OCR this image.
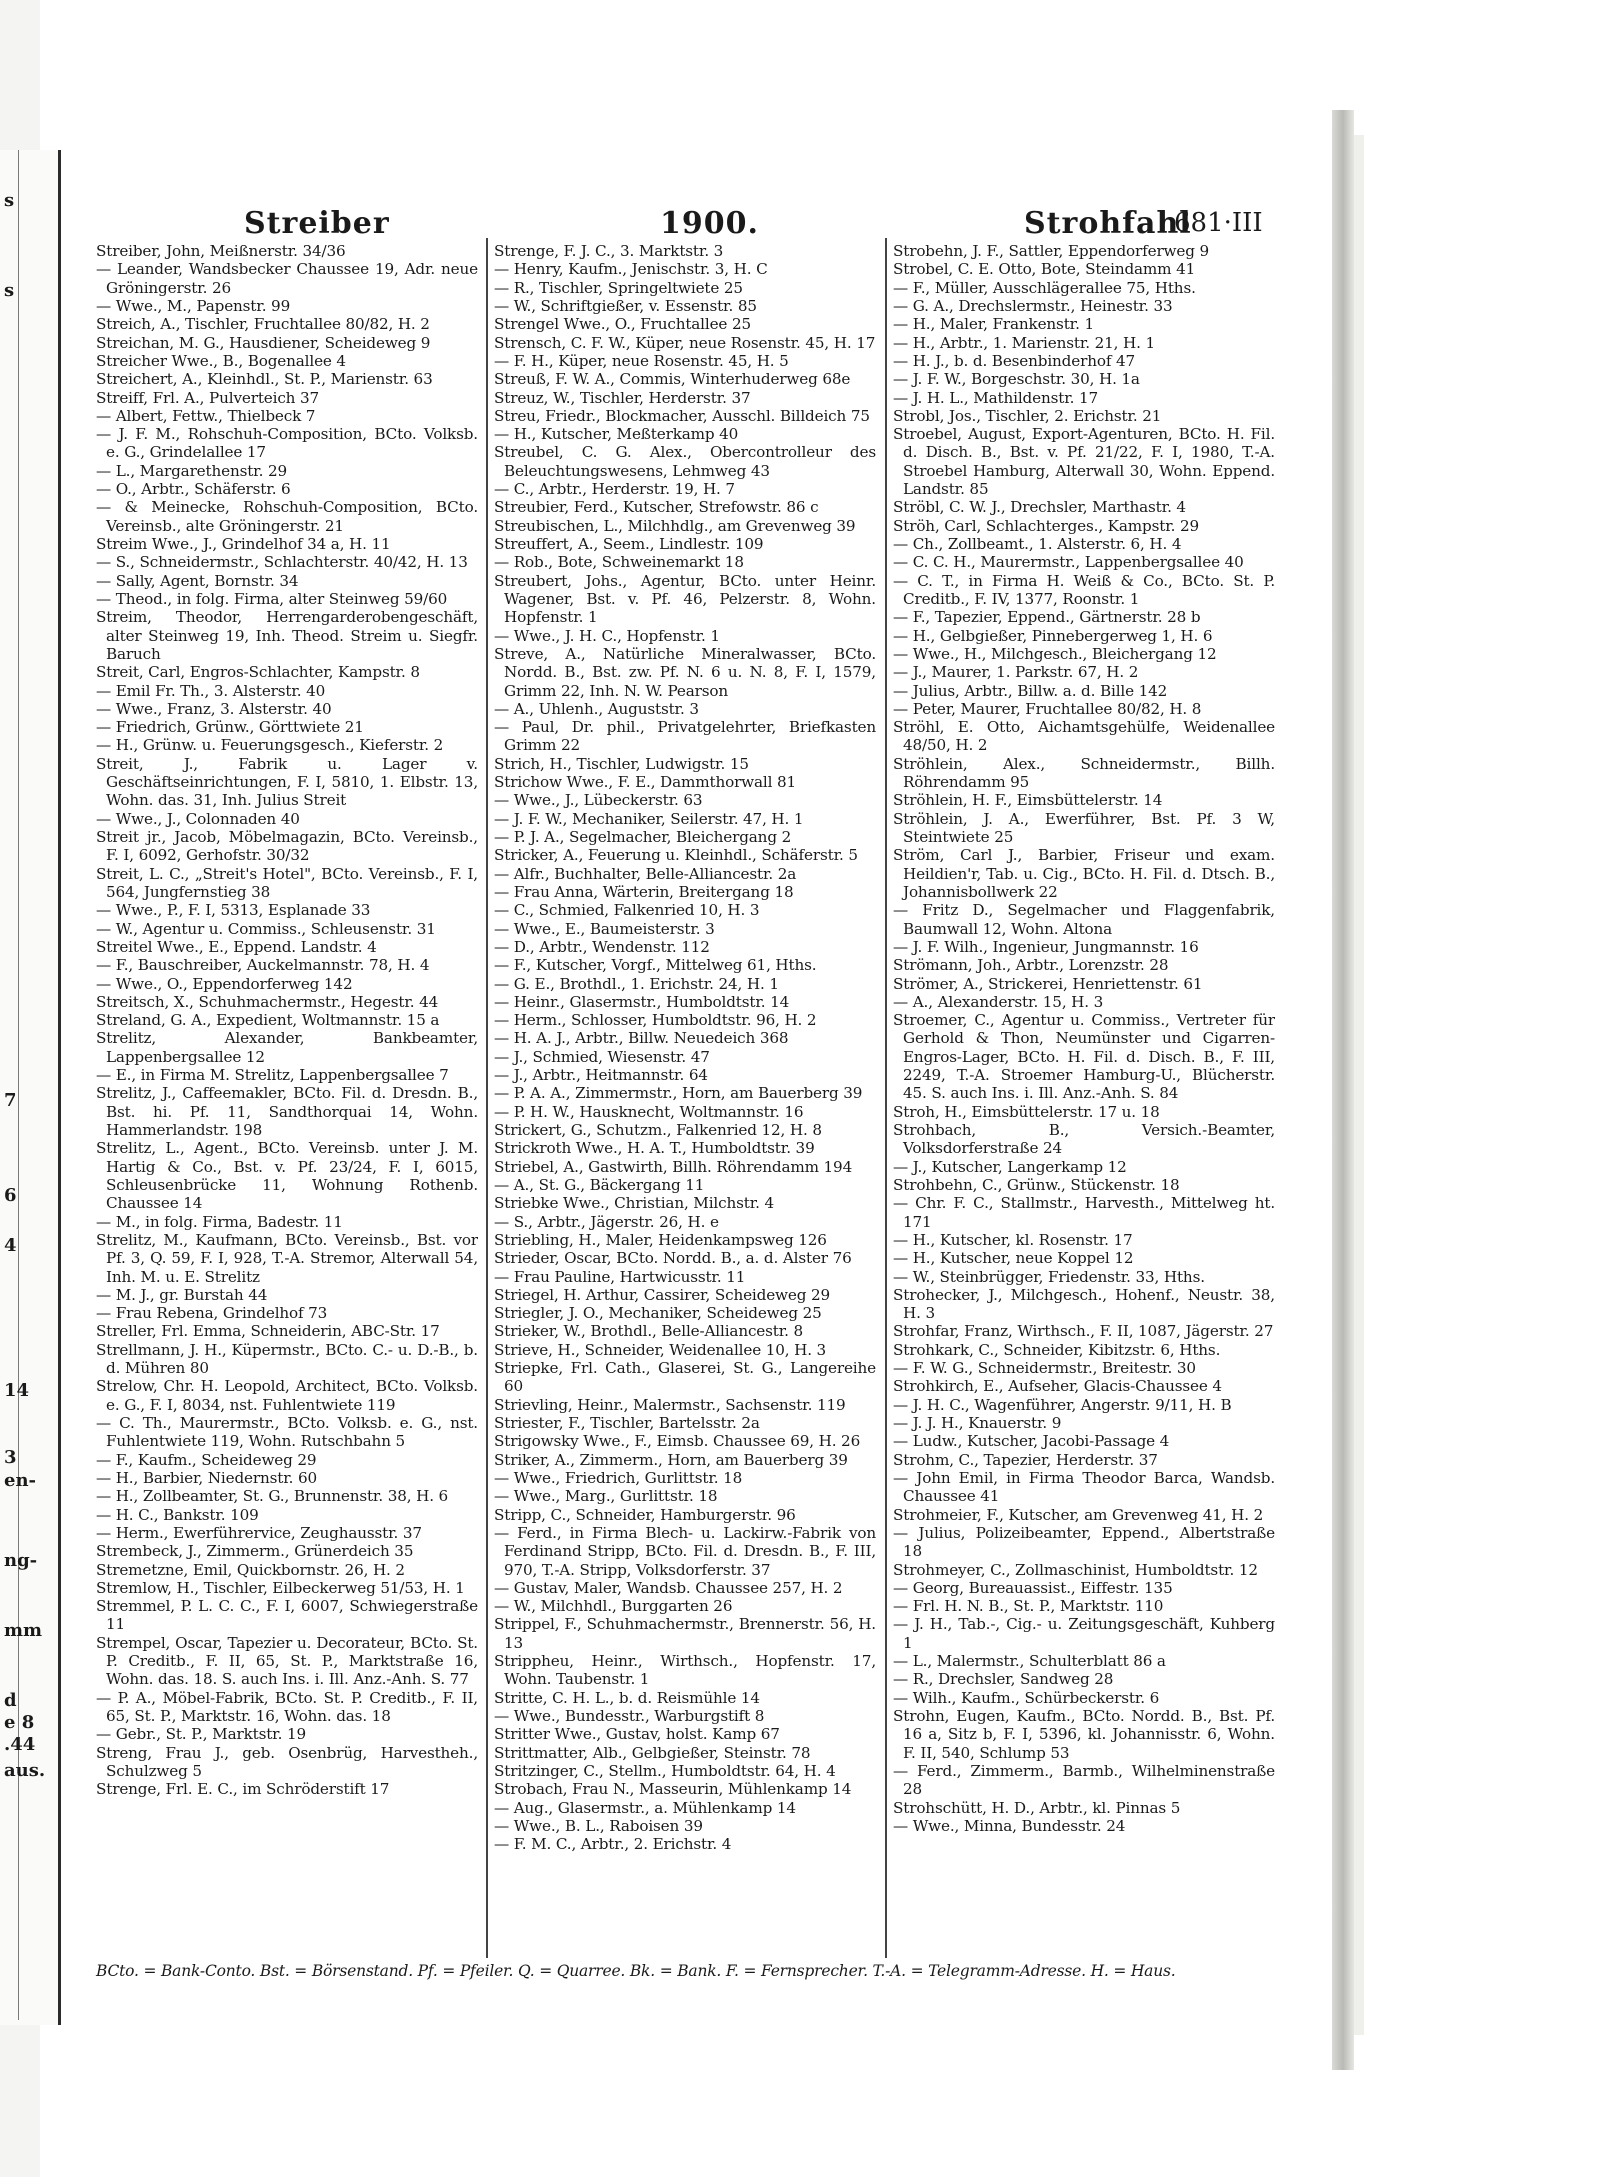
s
s
7
6
4
14
3
en-
ng-
mm
d
e 8
.44
aus.
Streiber	1900.	Strohfahl
681·III

Streiber, John, Meißnerstr. 34/36

— Leander, Wandsbecker Chaussee 19, Adr. neue Gröningerstr. 26

— Wwe., M., Papenstr. 99

Streich, A., Tischler, Fruchtallee 80/82, H. 2

Streichan, M. G., Hausdiener, Scheideweg 9

Streicher Wwe., B., Bogenallee 4

Streichert, A., Kleinhdl., St. P., Marienstr. 63

Streiff, Frl. A., Pulverteich 37

— Albert, Fettw., Thielbeck 7

— J. F. M., Rohschuh-Composition, BCto. Volksb. e. G., Grindelallee 17

— L., Margarethenstr. 29

— O., Arbtr., Schäferstr. 6

— & Meinecke, Rohschuh-Composition, BCto. Vereinsb., alte Gröningerstr. 21

Streim Wwe., J., Grindelhof 34 a, H. 11

— S., Schneidermstr., Schlachterstr. 40/42, H. 13

— Sally, Agent, Bornstr. 34

— Theod., in folg. Firma, alter Steinweg 59/60

Streim, Theodor, Herrengarderobengeschäft, alter Steinweg 19, Inh. Theod. Streim u. Siegfr. Baruch

Streit, Carl, Engros-Schlachter, Kampstr. 8

— Emil Fr. Th., 3. Alsterstr. 40

— Wwe., Franz, 3. Alsterstr. 40

— Friedrich, Grünw., Görttwiete 21

— H., Grünw. u. Feuerungsgesch., Kieferstr. 2

Streit, J., Fabrik u. Lager v. Geschäftseinrichtungen, F. I, 5810, 1. Elbstr. 13, Wohn. das. 31, Inh. Julius Streit

— Wwe., J., Colonnaden 40

Streit jr., Jacob, Möbelmagazin, BCto. Vereinsb., F. I, 6092, Gerhofstr. 30/32

Streit, L. C., „Streit's Hotel", BCto. Vereinsb., F. I, 564, Jungfernstieg 38

— Wwe., P., F. I, 5313, Esplanade 33

— W., Agentur u. Commiss., Schleusenstr. 31

Streitel Wwe., E., Eppend. Landstr. 4

— F., Bauschreiber, Auckelmannstr. 78, H. 4

— Wwe., O., Eppendorferweg 142

Streitsch, X., Schuhmachermstr., Hegestr. 44

Streland, G. A., Expedient, Woltmannstr. 15 a

Strelitz, Alexander, Bankbeamter, Lappenbergsallee 12

— E., in Firma M. Strelitz, Lappenbergsallee 7

Strelitz, J., Caffeemakler, BCto. Fil. d. Dresdn. B., Bst. hi. Pf. 11, Sandthorquai 14, Wohn. Hammerlandstr. 198

Strelitz, L., Agent., BCto. Vereinsb. unter J. M. Hartig & Co., Bst. v. Pf. 23/24, F. I, 6015, Schleusenbrücke 11, Wohnung Rothenb. Chaussee 14

— M., in folg. Firma, Badestr. 11

Strelitz, M., Kaufmann, BCto. Vereinsb., Bst. vor Pf. 3, Q. 59, F. I, 928, T.-A. Stremor, Alterwall 54, Inh. M. u. E. Strelitz

— M. J., gr. Burstah 44

— Frau Rebena, Grindelhof 73

Streller, Frl. Emma, Schneiderin, ABC-Str. 17

Strellmann, J. H., Küpermstr., BCto. C.- u. D.-B., b. d. Mühren 80

Strelow, Chr. H. Leopold, Architect, BCto. Volksb. e. G., F. I, 8034, nst. Fuhlentwiete 119

— C. Th., Maurermstr., BCto. Volksb. e. G., nst. Fuhlentwiete 119, Wohn. Rutschbahn 5

— F., Kaufm., Scheideweg 29

— H., Barbier, Niedernstr. 60

— H., Zollbeamter, St. G., Brunnenstr. 38, H. 6

— H. C., Bankstr. 109

— Herm., Ewerführervice, Zeughausstr. 37

Strembeck, J., Zimmerm., Grünerdeich 35

Stremetzne, Emil, Quickbornstr. 26, H. 2

Stremlow, H., Tischler, Eilbeckerweg 51/53, H. 1

Stremmel, P. L. C. C., F. I, 6007, Schwiegerstraße 11

Strempel, Oscar, Tapezier u. Decorateur, BCto. St. P. Creditb., F. II, 65, St. P., Marktstraße 16, Wohn. das. 18. S. auch Ins. i. Ill. Anz.-Anh. S. 77

— P. A., Möbel-Fabrik, BCto. St. P. Creditb., F. II, 65, St. P., Marktstr. 16, Wohn. das. 18

— Gebr., St. P., Marktstr. 19

Streng, Frau J., geb. Osenbrüg, Harvestheh., Schulzweg 5

Strenge, Frl. E. C., im Schröderstift 17

Strenge, F. J. C., 3. Marktstr. 3

— Henry, Kaufm., Jenischstr. 3, H. C

— R., Tischler, Springeltwiete 25

— W., Schriftgießer, v. Essenstr. 85

Strengel Wwe., O., Fruchtallee 25

Strensch, C. F. W., Küper, neue Rosenstr. 45, H. 17

— F. H., Küper, neue Rosenstr. 45, H. 5

Streuß, F. W. A., Commis, Winterhuderweg 68e

Streuz, W., Tischler, Herderstr. 37

Streu, Friedr., Blockmacher, Ausschl. Billdeich 75

— H., Kutscher, Meßterkamp 40

Streubel, C. G. Alex., Obercontrolleur des Beleuchtungswesens, Lehmweg 43

— C., Arbtr., Herderstr. 19, H. 7

Streubier, Ferd., Kutscher, Strefowstr. 86 c

Streubischen, L., Milchhdlg., am Grevenweg 39

Streuffert, A., Seem., Lindlestr. 109

— Rob., Bote, Schweinemarkt 18

Streubert, Johs., Agentur, BCto. unter Heinr. Wagener, Bst. v. Pf. 46, Pelzerstr. 8, Wohn. Hopfenstr. 1

— Wwe., J. H. C., Hopfenstr. 1

Streve, A., Natürliche Mineralwasser, BCto. Nordd. B., Bst. zw. Pf. N. 6 u. N. 8, F. I, 1579, Grimm 22, Inh. N. W. Pearson

— A., Uhlenh., Auguststr. 3

— Paul, Dr. phil., Privatgelehrter, Briefkasten Grimm 22

Strich, H., Tischler, Ludwigstr. 15

Strichow Wwe., F. E., Dammthorwall 81

— Wwe., J., Lübeckerstr. 63

— J. F. W., Mechaniker, Seilerstr. 47, H. 1

— P. J. A., Segelmacher, Bleichergang 2

Stricker, A., Feuerung u. Kleinhdl., Schäferstr. 5

— Alfr., Buchhalter, Belle-Alliancestr. 2a

— Frau Anna, Wärterin, Breitergang 18

— C., Schmied, Falkenried 10, H. 3

— Wwe., E., Baumeisterstr. 3

— D., Arbtr., Wendenstr. 112

— F., Kutscher, Vorgf., Mittelweg 61, Hths.

— G. E., Brothdl., 1. Erichstr. 24, H. 1

— Heinr., Glasermstr., Humboldtstr. 14

— Herm., Schlosser, Humboldtstr. 96, H. 2

— H. A. J., Arbtr., Billw. Neuedeich 368

— J., Schmied, Wiesenstr. 47

— J., Arbtr., Heitmannstr. 64

— P. A. A., Zimmermstr., Horn, am Bauerberg 39

— P. H. W., Hausknecht, Woltmannstr. 16

Strickert, G., Schutzm., Falkenried 12, H. 8

Strickroth Wwe., H. A. T., Humboldtstr. 39

Striebel, A., Gastwirth, Billh. Röhrendamm 194

— A., St. G., Bäckergang 11

Striebke Wwe., Christian, Milchstr. 4

— S., Arbtr., Jägerstr. 26, H. e

Striebling, H., Maler, Heidenkampsweg 126

Strieder, Oscar, BCto. Nordd. B., a. d. Alster 76

— Frau Pauline, Hartwicusstr. 11

Striegel, H. Arthur, Cassirer, Scheideweg 29

Striegler, J. O., Mechaniker, Scheideweg 25

Strieker, W., Brothdl., Belle-Alliancestr. 8

Strieve, H., Schneider, Weidenallee 10, H. 3

Striepke, Frl. Cath., Glaserei, St. G., Langereihe 60

Strievling, Heinr., Malermstr., Sachsenstr. 119

Striester, F., Tischler, Bartelsstr. 2a

Strigowsky Wwe., F., Eimsb. Chaussee 69, H. 26

Striker, A., Zimmerm., Horn, am Bauerberg 39

— Wwe., Friedrich, Gurlittstr. 18

— Wwe., Marg., Gurlittstr. 18

Stripp, C., Schneider, Hamburgerstr. 96

— Ferd., in Firma Blech- u. Lackirw.-Fabrik von Ferdinand Stripp, BCto. Fil. d. Dresdn. B., F. III, 970, T.-A. Stripp, Volksdorferstr. 37

— Gustav, Maler, Wandsb. Chaussee 257, H. 2

— W., Milchhdl., Burggarten 26

Strippel, F., Schuhmachermstr., Brennerstr. 56, H. 13

Strippheu, Heinr., Wirthsch., Hopfenstr. 17, Wohn. Taubenstr. 1

Stritte, C. H. L., b. d. Reismühle 14

— Wwe., Bundesstr., Warburgstift 8

Stritter Wwe., Gustav, holst. Kamp 67

Strittmatter, Alb., Gelbgießer, Steinstr. 78

Stritzinger, C., Stellm., Humboldtstr. 64, H. 4

Strobach, Frau N., Masseurin, Mühlenkamp 14

— Aug., Glasermstr., a. Mühlenkamp 14

— Wwe., B. L., Raboisen 39

— F. M. C., Arbtr., 2. Erichstr. 4

Strobehn, J. F., Sattler, Eppendorferweg 9

Strobel, C. E. Otto, Bote, Steindamm 41

— F., Müller, Ausschlägerallee 75, Hths.

— G. A., Drechslermstr., Heinestr. 33

— H., Maler, Frankenstr. 1

— H., Arbtr., 1. Marienstr. 21, H. 1

— H. J., b. d. Besenbinderhof 47

— J. F. W., Borgeschstr. 30, H. 1a

— J. H. L., Mathildenstr. 17

Strobl, Jos., Tischler, 2. Erichstr. 21

Stroebel, August, Export-Agenturen, BCto. H. Fil. d. Disch. B., Bst. v. Pf. 21/22, F. I, 1980, T.-A. Stroebel Hamburg, Alterwall 30, Wohn. Eppend. Landstr. 85

Ströbl, C. W. J., Drechsler, Marthastr. 4

Ströh, Carl, Schlachterges., Kampstr. 29

— Ch., Zollbeamt., 1. Alsterstr. 6, H. 4

— C. C. H., Maurermstr., Lappenbergsallee 40

— C. T., in Firma H. Weiß & Co., BCto. St. P. Creditb., F. IV, 1377, Roonstr. 1

— F., Tapezier, Eppend., Gärtnerstr. 28 b

— H., Gelbgießer, Pinnebergerweg 1, H. 6

— Wwe., H., Milchgesch., Bleichergang 12

— J., Maurer, 1. Parkstr. 67, H. 2

— Julius, Arbtr., Billw. a. d. Bille 142

— Peter, Maurer, Fruchtallee 80/82, H. 8

Ströhl, E. Otto, Aichamtsgehülfe, Weidenallee 48/50, H. 2

Ströhlein, Alex., Schneidermstr., Billh. Röhrendamm 95

Ströhlein, H. F., Eimsbüttelerstr. 14

Ströhlein, J. A., Ewerführer, Bst. Pf. 3 W, Steintwiete 25

Ström, Carl J., Barbier, Friseur und exam. Heildien'r, Tab. u. Cig., BCto. H. Fil. d. Dtsch. B., Johannisbollwerk 22

— Fritz D., Segelmacher und Flaggenfabrik, Baumwall 12, Wohn. Altona

— J. F. Wilh., Ingenieur, Jungmannstr. 16

Strömann, Joh., Arbtr., Lorenzstr. 28

Strömer, A., Strickerei, Henriettenstr. 61

— A., Alexanderstr. 15, H. 3

Stroemer, C., Agentur u. Commiss., Vertreter für Gerhold & Thon, Neumünster und Cigarren-Engros-Lager, BCto. H. Fil. d. Disch. B., F. III, 2249, T.-A. Stroemer Hamburg-U., Blücherstr. 45. S. auch Ins. i. Ill. Anz.-Anh. S. 84

Stroh, H., Eimsbüttelerstr. 17 u. 18

Strohbach, B., Versich.-Beamter, Volksdorferstraße 24

— J., Kutscher, Langerkamp 12

Strohbehn, C., Grünw., Stückenstr. 18

— Chr. F. C., Stallmstr., Harvesth., Mittelweg ht. 171

— H., Kutscher, kl. Rosenstr. 17

— H., Kutscher, neue Koppel 12

— W., Steinbrügger, Friedenstr. 33, Hths.

Strohecker, J., Milchgesch., Hohenf., Neustr. 38, H. 3

Strohfar, Franz, Wirthsch., F. II, 1087, Jägerstr. 27

Strohkark, C., Schneider, Kibitzstr. 6, Hths.

— F. W. G., Schneidermstr., Breitestr. 30

Strohkirch, E., Aufseher, Glacis-Chaussee 4

— J. H. C., Wagenführer, Angerstr. 9/11, H. B

— J. J. H., Knauerstr. 9

— Ludw., Kutscher, Jacobi-Passage 4

Strohm, C., Tapezier, Herderstr. 37

— John Emil, in Firma Theodor Barca, Wandsb. Chaussee 41

Strohmeier, F., Kutscher, am Grevenweg 41, H. 2

— Julius, Polizeibeamter, Eppend., Albertstraße 18

Strohmeyer, C., Zollmaschinist, Humboldtstr. 12

— Georg, Bureauassist., Eiffestr. 135

— Frl. H. N. B., St. P., Marktstr. 110

— J. H., Tab.-, Cig.- u. Zeitungsgeschäft, Kuhberg 1

— L., Malermstr., Schulterblatt 86 a

— R., Drechsler, Sandweg 28

— Wilh., Kaufm., Schürbeckerstr. 6

Strohn, Eugen, Kaufm., BCto. Nordd. B., Bst. Pf. 16 a, Sitz b, F. I, 5396, kl. Johannisstr. 6, Wohn. F. II, 540, Schlump 53

— Ferd., Zimmerm., Barmb., Wilhelminenstraße 28

Strohschütt, H. D., Arbtr., kl. Pinnas 5

— Wwe., Minna, Bundesstr. 24

BCto. = Bank-Conto. Bst. = Börsenstand. Pf. = Pfeiler. Q. = Quarree. Bk. = Bank. F. = Fernsprecher. T.-A. = Telegramm-Adresse. H. = Haus.
